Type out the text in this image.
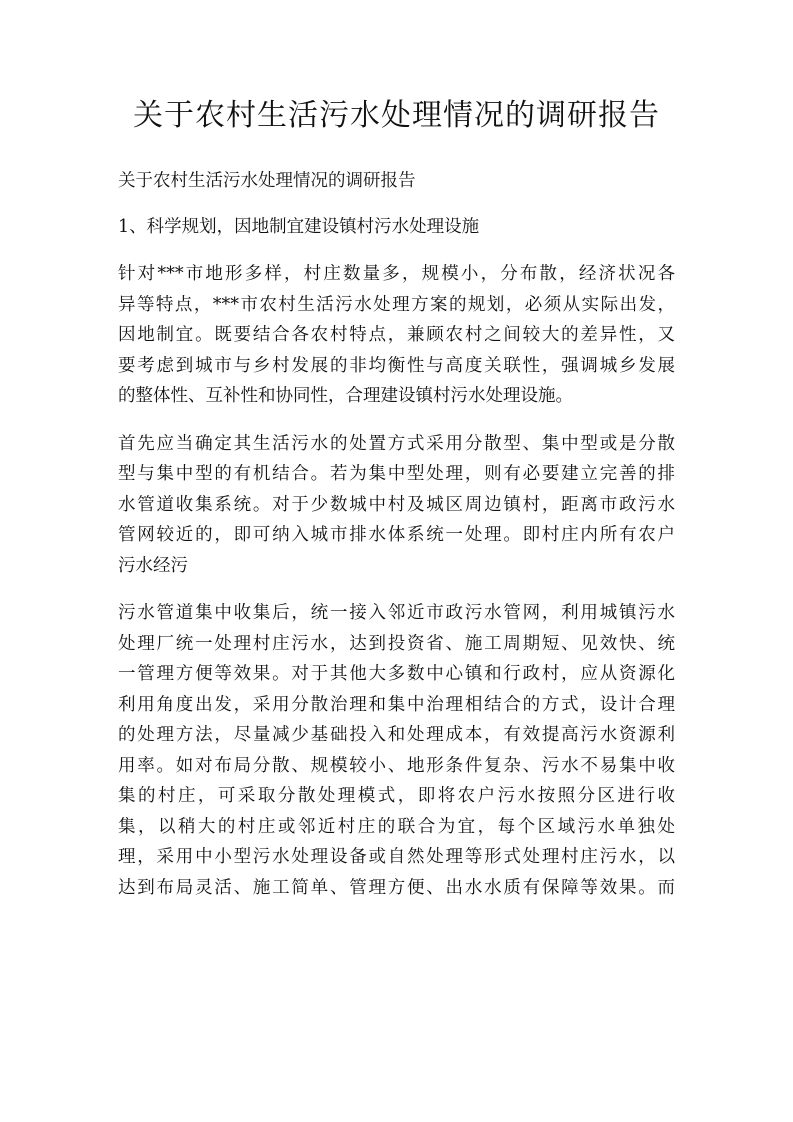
关于农村生活污水处理情况的调研报告
关于农村生活污水处理情况的调研报告
1、科学规划，因地制宜建设镇村污水处理设施
针对***市地形多样，村庄数量多，规模小，分布散，经济状况各
异等特点，***市农村生活污水处理方案的规划，必须从实际出发，
因地制宜。既要结合各农村特点，兼顾农村之间较大的差异性，又
要考虑到城市与乡村发展的非均衡性与高度关联性，强调城乡发展
的整体性、互补性和协同性，合理建设镇村污水处理设施。
首先应当确定其生活污水的处置方式采用分散型、集中型或是分散
型与集中型的有机结合。若为集中型处理，则有必要建立完善的排
水管道收集系统。对于少数城中村及城区周边镇村，距离市政污水
管网较近的，即可纳入城市排水体系统一处理。即村庄内所有农户
污水经污
污水管道集中收集后，统一接入邻近市政污水管网，利用城镇污水
处理厂统一处理村庄污水，达到投资省、施工周期短、见效快、统
一管理方便等效果。对于其他大多数中心镇和行政村，应从资源化
利用角度出发，采用分散治理和集中治理相结合的方式，设计合理
的处理方法，尽量减少基础投入和处理成本，有效提高污水资源利
用率。如对布局分散、规模较小、地形条件复杂、污水不易集中收
集的村庄，可采取分散处理模式，即将农户污水按照分区进行收
集，以稍大的村庄或邻近村庄的联合为宜，每个区域污水单独处
理，采用中小型污水处理设备或自然处理等形式处理村庄污水，以
达到布局灵活、施工简单、管理方便、出水水质有保障等效果。而
